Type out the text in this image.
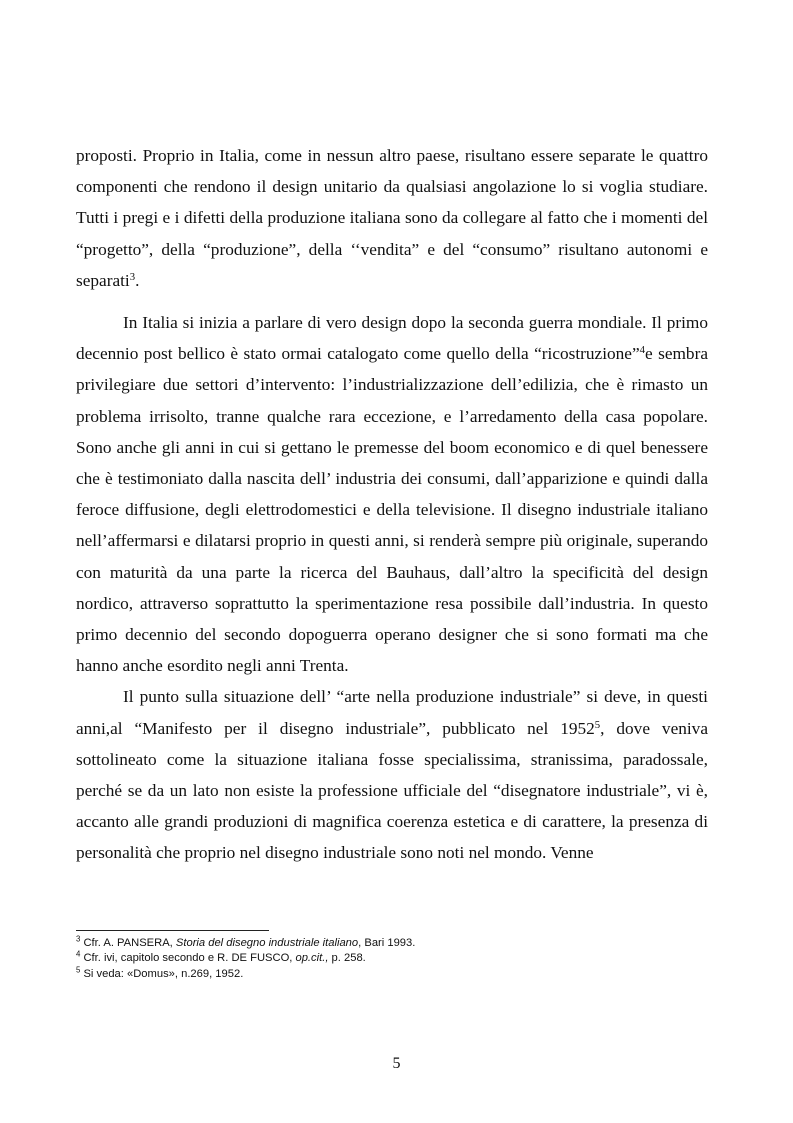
proposti. Proprio in Italia, come in nessun altro paese, risultano essere separate le quattro componenti che rendono il design unitario da qualsiasi angolazione lo si voglia studiare. Tutti i pregi e i difetti della produzione italiana sono da collegare al fatto che i momenti del “progetto”, della “produzione”, della ‘‘vendita” e del “consumo” risultano autonomi e separati$^3$.

In Italia si inizia a parlare di vero design dopo la seconda guerra mondiale. Il primo decennio post bellico è stato ormai catalogato come quello della “ricostruzione”$^4$e sembra privilegiare due settori d’intervento: l’industrializzazione dell’edilizia, che è rimasto un problema irrisolto, tranne qualche rara eccezione, e l’arredamento della casa popolare. Sono anche gli anni in cui si gettano le premesse del boom economico e di quel benessere che è testimoniato dalla nascita dell’ industria dei consumi, dall’apparizione e quindi dalla feroce diffusione, degli elettrodomestici e della televisione. Il disegno industriale italiano nell’affermarsi e dilatarsi proprio in questi anni, si renderà sempre più originale, superando con maturità da una parte la ricerca del Bauhaus, dall’altro la specificità del design nordico, attraverso soprattutto la sperimentazione resa possibile dall’industria. In questo primo decennio del secondo dopoguerra operano designer che si sono formati ma che hanno anche esordito negli anni Trenta.

Il punto sulla situazione dell’ “arte nella produzione industriale” si deve, in questi anni,al “Manifesto per il disegno industriale”, pubblicato nel 1952$^5$, dove veniva sottolineato come la situazione italiana fosse specialissima, stranissima, paradossale, perché se da un lato non esiste la professione ufficiale del “disegnatore industriale”, vi è, accanto alle grandi produzioni di magnifica coerenza estetica e di carattere, la presenza di personalità che proprio nel disegno industriale sono noti nel mondo. Venne

$^3$ Cfr. A. PANSERA, Storia del disegno industriale italiano, Bari 1993.

$^4$ Cfr. ivi, capitolo secondo e R. DE FUSCO, op.cit., p. 258.

$^5$ Si veda: «Domus», n.269, 1952.

5
